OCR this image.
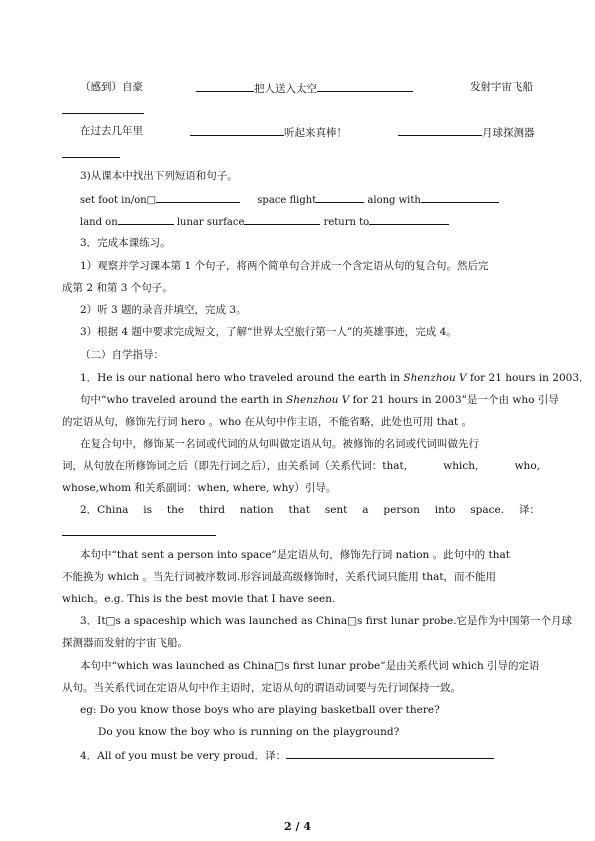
（感到）自豪	把人送入太空	发射宇宙飞船
在过去几年里	听起来真棒！	月球探测器
3)从课本中找出下列短语和句子。
set foot in/on□	space flight	along with
land on	lunar surface	return to
3．完成本课练习。
1）观察并学习课本第 1 个句子，将两个简单句合并成一个含定语从句的复合句。然后完
成第 2 和第 3 个句子。
2）听 3 题的录音并填空，完成 3。
3）根据 4 题中要求完成短文，了解“世界太空旅行第一人”的英雄事迹，完成 4。
（二）自学指导：
1．He is our national hero who traveled around the earth in Shenzhou V for 21 hours in 2003．
句中“who traveled around the earth in Shenzhou V for 21 hours in 2003”是一个由 who 引导
的定语从句，修饰先行词 hero 。who 在从句中作主语，不能省略，此处也可用 that 。
在复合句中，修饰某一名词或代词的从句叫做定语从句。被修饰的名词或代词叫做先行
词，从句放在所修饰词之后（即先行词之后），由关系词（关系代词：that,	which,	who,
whose,whom 和关系副词：when, where, why）引导。
2．China is the third nation that sent a person into space. 译：
本句中“that sent a person into space”是定语从句，修饰先行词 nation 。此句中的 that
不能换为 which 。当先行词被序数词.形容词最高级修饰时，关系代词只能用 that，而不能用
which。e.g. This is the best movie that I have seen.
3．It□s a spaceship which was launched as China□s first lunar probe.它是作为中国第一个月球
探测器而发射的宇宙飞船。
本句中“which was launched as China□s first lunar probe”是由关系代词 which 引导的定语
从句。当关系代词在定语从句中作主语时，定语从句的谓语动词要与先行词保持一致。
eg: Do you know those boys who are playing basketball over there?
Do you know the boy who is running on the playground?
4．All of you must be very proud．译：
2 / 4
